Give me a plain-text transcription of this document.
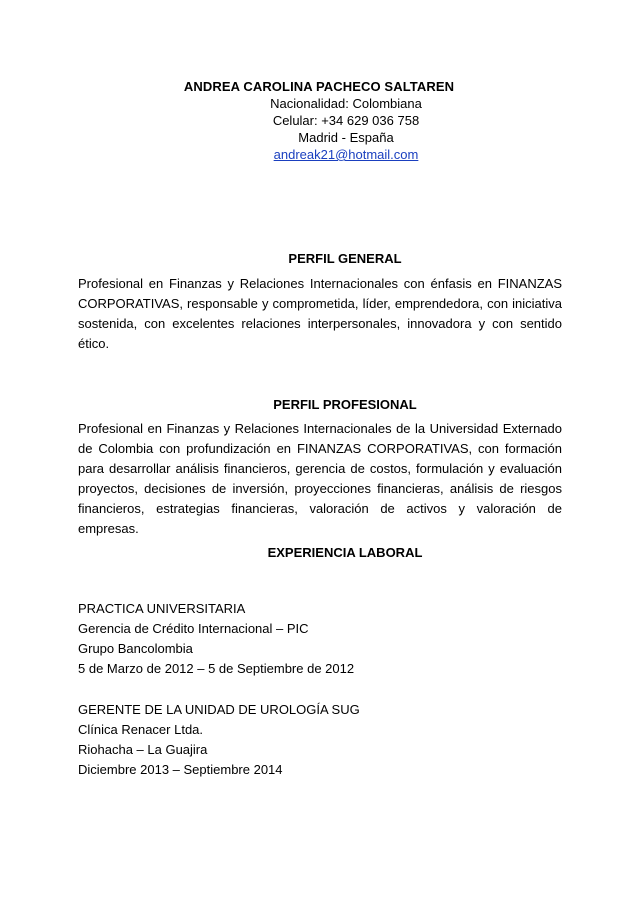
ANDREA CAROLINA PACHECO SALTAREN
Nacionalidad: Colombiana
Celular: +34 629 036 758
Madrid - España
andreak21@hotmail.com
PERFIL GENERAL

Profesional en Finanzas y Relaciones Internacionales con énfasis en FINANZAS CORPORATIVAS, responsable y comprometida, líder, emprendedora, con iniciativa sostenida, con excelentes relaciones interpersonales, innovadora y con sentido ético.

PERFIL PROFESIONAL

Profesional en Finanzas y Relaciones Internacionales de la Universidad Externado de Colombia con profundización en FINANZAS CORPORATIVAS, con formación para desarrollar análisis financieros, gerencia de costos, formulación y evaluación proyectos, decisiones de inversión, proyecciones financieras, análisis de riesgos financieros, estrategias financieras, valoración de activos y valoración de empresas.

EXPERIENCIA LABORAL
PRACTICA UNIVERSITARIA
Gerencia de Crédito Internacional – PIC
Grupo Bancolombia
5 de Marzo de 2012 – 5 de Septiembre de 2012
GERENTE DE LA UNIDAD DE UROLOGÍA SUG
Clínica Renacer Ltda.
Riohacha – La Guajira
Diciembre 2013 – Septiembre 2014
